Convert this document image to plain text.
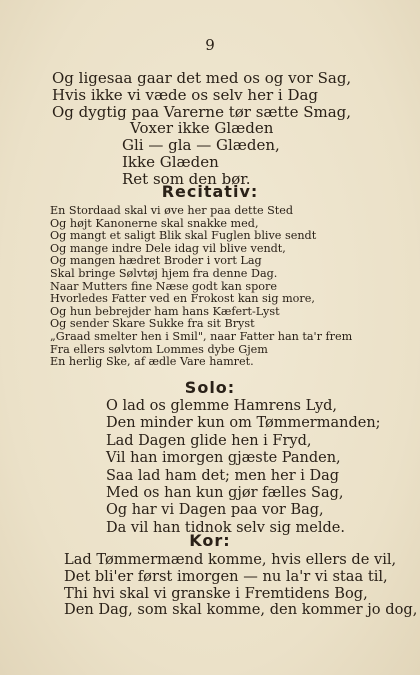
9
Og ligesaa gaar det med os og vor Sag,
Hvis ikke vi væde os selv her i Dag
Og dygtig paa Varerne tør sætte Smag,
Voxer ikke Glæden
Gli — gla — Glæden,
Ikke Glæden
Ret som den bør.
Recitativ:
En Stordaad skal vi øve her paa dette Sted
Og højt Kanonerne skal snakke med,
Og mangt et saligt Blik skal Fuglen blive sendt
Og mange indre Dele idag vil blive vendt,
Og mangen hædret Broder i vort Lag
Skal bringe Sølvtøj hjem fra denne Dag.
Naar Mutters fine Næse godt kan spore
Hvorledes Fatter ved en Frokost kan sig more,
Og hun bebrejder ham hans Kæfert-Lyst
Og sender Skare Sukke fra sit Bryst
„Graad smelter hen i Smil", naar Fatter han ta'r frem
Fra ellers sølvtom Lommes dybe Gjem
En herlig Ske, af ædle Vare hamret.
Solo:
O lad os glemme Hamrens Lyd,
Den minder kun om Tømmermanden;
Lad Dagen glide hen i Fryd,
Vil han imorgen gjæste Panden,
Saa lad ham det; men her i Dag
Med os han kun gjør fælles Sag,
Og har vi Dagen paa vor Bag,
Da vil han tidnok selv sig melde.
Kor:
Lad Tømmermænd komme, hvis ellers de vil,
Det bli'er først imorgen — nu la'r vi staa til,
Thi hvi skal vi granske i Fremtidens Bog,
Den Dag, som skal komme, den kommer jo dog,
